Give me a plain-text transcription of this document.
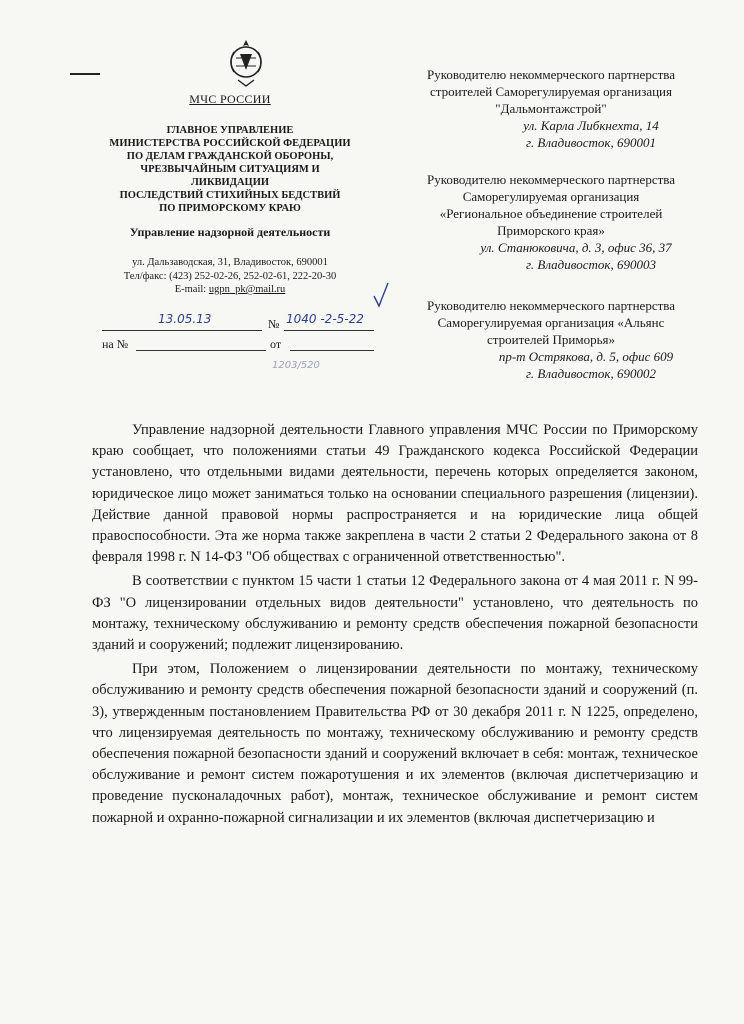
МЧС РОССИИ
ГЛАВНОЕ УПРАВЛЕНИЕ
МИНИСТЕРСТВА РОССИЙСКОЙ ФЕДЕРАЦИИ
ПО ДЕЛАМ ГРАЖДАНСКОЙ ОБОРОНЫ,
ЧРЕЗВЫЧАЙНЫМ СИТУАЦИЯМ И
ЛИКВИДАЦИИ
ПОСЛЕДСТВИЙ СТИХИЙНЫХ БЕДСТВИЙ
ПО ПРИМОРСКОМУ КРАЮ
Управление надзорной деятельности
ул. Дальзаводская, 31, Владивосток, 690001
Тел/факс: (423) 252-02-26, 252-02-61, 222-20-30
E-mail: ugpn_pk@mail.ru
13.05.13	№ 1040 -2-5-22
на №	от
1203/520
Руководителю некоммерческого партнерства
строителей Саморегулируемая организация
"Дальмонтажстрой"
ул. Карла Либкнехта, 14
г. Владивосток, 690001
Руководителю некоммерческого партнерства
Саморегулируемая организация
«Региональное объединение строителей
Приморского края»
ул. Станюковича, д. 3, офис 36, 37
г. Владивосток, 690003
Руководителю некоммерческого партнерства
Саморегулируемая организация «Альянс
строителей Приморья»
пр-т Острякова, д. 5, офис 609
г. Владивосток, 690002

Управление надзорной деятельности Главного управления МЧС России по Приморскому краю сообщает, что положениями статьи 49 Гражданского кодекса Российской Федерации установлено, что отдельными видами деятельности, перечень которых определяется законом, юридическое лицо может заниматься только на основании специального разрешения (лицензии). Действие данной правовой нормы распространяется и на юридические лица общей правоспособности. Эта же норма также закреплена в части 2 статьи 2 Федерального закона от 8 февраля 1998 г. N 14-ФЗ "Об обществах с ограниченной ответственностью".

В соответствии с пунктом 15 части 1 статьи 12 Федерального закона от 4 мая 2011 г. N 99-ФЗ "О лицензировании отдельных видов деятельности" установлено, что деятельность по монтажу, техническому обслуживанию и ремонту средств обеспечения пожарной безопасности зданий и сооружений; подлежит лицензированию.

При этом, Положением о лицензировании деятельности по монтажу, техническому обслуживанию и ремонту средств обеспечения пожарной безопасности зданий и сооружений (п. 3), утвержденным постановлением Правительства РФ от 30 декабря 2011 г. N 1225, определено, что лицензируемая деятельность по монтажу, техническому обслуживанию и ремонту средств обеспечения пожарной безопасности зданий и сооружений включает в себя: монтаж, техническое обслуживание и ремонт систем пожаротушения и их элементов (включая диспетчеризацию и проведение пусконаладочных работ), монтаж, техническое обслуживание и ремонт систем пожарной и охранно-пожарной сигнализации и их элементов (включая диспетчеризацию и
